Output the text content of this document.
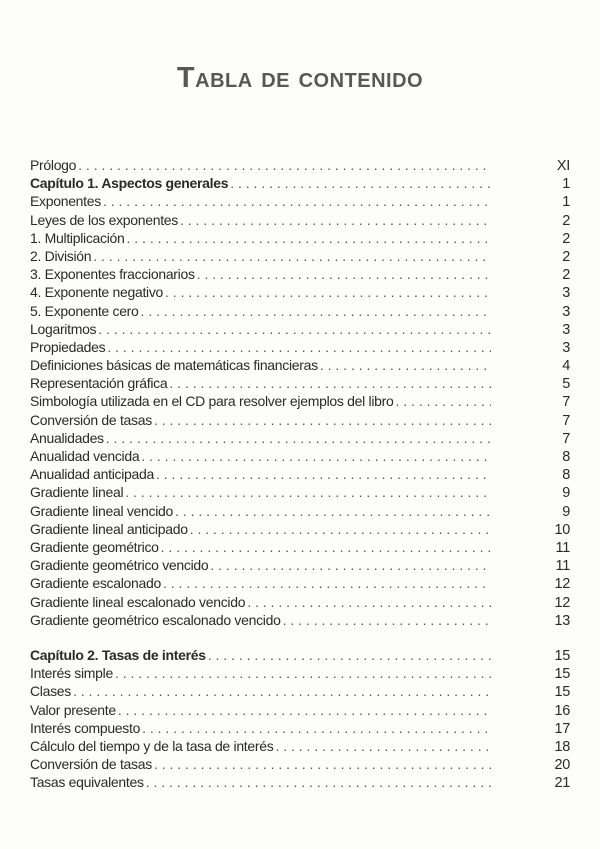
Tabla de contenido
Prólogo . . .	XI
Capítulo 1. Aspectos generales . . .	1
Exponentes . . .	1
Leyes de los exponentes . . .	2
1. Multiplicación . . .	2
2. División . . .	2
3. Exponentes fraccionarios . . .	2
4. Exponente negativo . . .	3
5. Exponente cero . . .	3
Logaritmos . . .	3
Propiedades . . .	3
Definiciones básicas de matemáticas financieras . . .	4
Representación gráfica . . .	5
Simbología utilizada en el CD para resolver ejemplos del libro . . .	7
Conversión de tasas . . .	7
Anualidades . . .	7
Anualidad vencida . . .	8
Anualidad anticipada . . .	8
Gradiente lineal . . .	9
Gradiente lineal vencido . . .	9
Gradiente lineal anticipado . . .	10
Gradiente geométrico . . .	11
Gradiente geométrico vencido . . .	11
Gradiente escalonado . . .	12
Gradiente lineal escalonado vencido . . .	12
Gradiente geométrico escalonado vencido . . .	13
Capítulo 2. Tasas de interés . . .	15
Interés simple . . .	15
Clases . . .	15
Valor presente . . .	16
Interés compuesto . . .	17
Cálculo del tiempo y de la tasa de interés . . .	18
Conversión de tasas . . .	20
Tasas equivalentes . . .	21
